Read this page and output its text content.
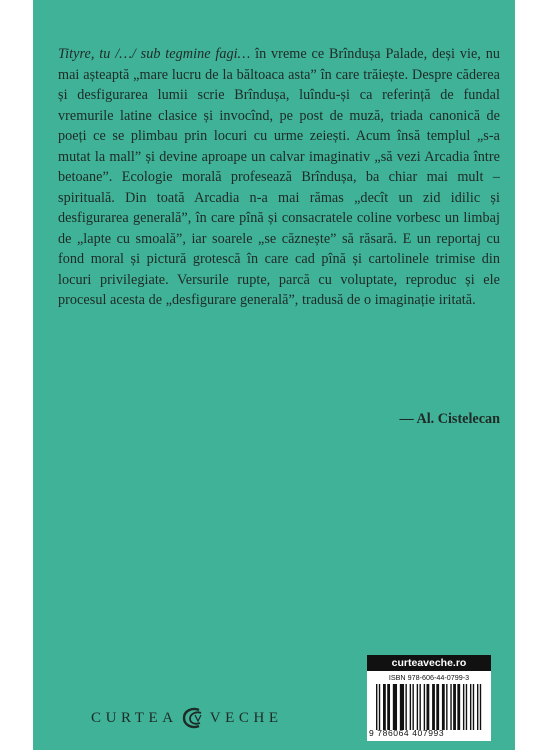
Tityre, tu /…/ sub tegmine fagi… în vreme ce Brîndușa Palade, deși vie, nu mai așteaptă „mare lucru de la băltoaca asta” în care trăiește. Despre căderea și desfigurarea lumii scrie Brîndușa, luîndu-și ca referință de fundal vremurile latine clasice și invocînd, pe post de muză, triada canonică de poeți ce se plimbau prin locuri cu urme zeiești. Acum însă templul „s-a mutat la mall” și devine aproape un calvar imaginativ „să vezi Arcadia între betoane”. Ecologie morală profesează Brîndușa, ba chiar mai mult – spirituală. Din toată Arcadia n-a mai rămas „decît un zid idilic și desfigurarea generală”, în care pînă și consacratele coline vorbesc un limbaj de „lapte cu smoală”, iar soarele „se căznește” să răsară. E un reportaj cu fond moral și pictură grotescă în care cad pînă și cartolinele trimise din locuri privilegiate. Versurile rupte, parcă cu voluptate, reproduc și ele procesul acesta de „desfigurare generală”, tradusă de o imaginație iritată.

— Al. Cistelecan
CURTEA VECHE
curteaveche.ro
ISBN 978-606-44-0799-3
9 786064 407993
